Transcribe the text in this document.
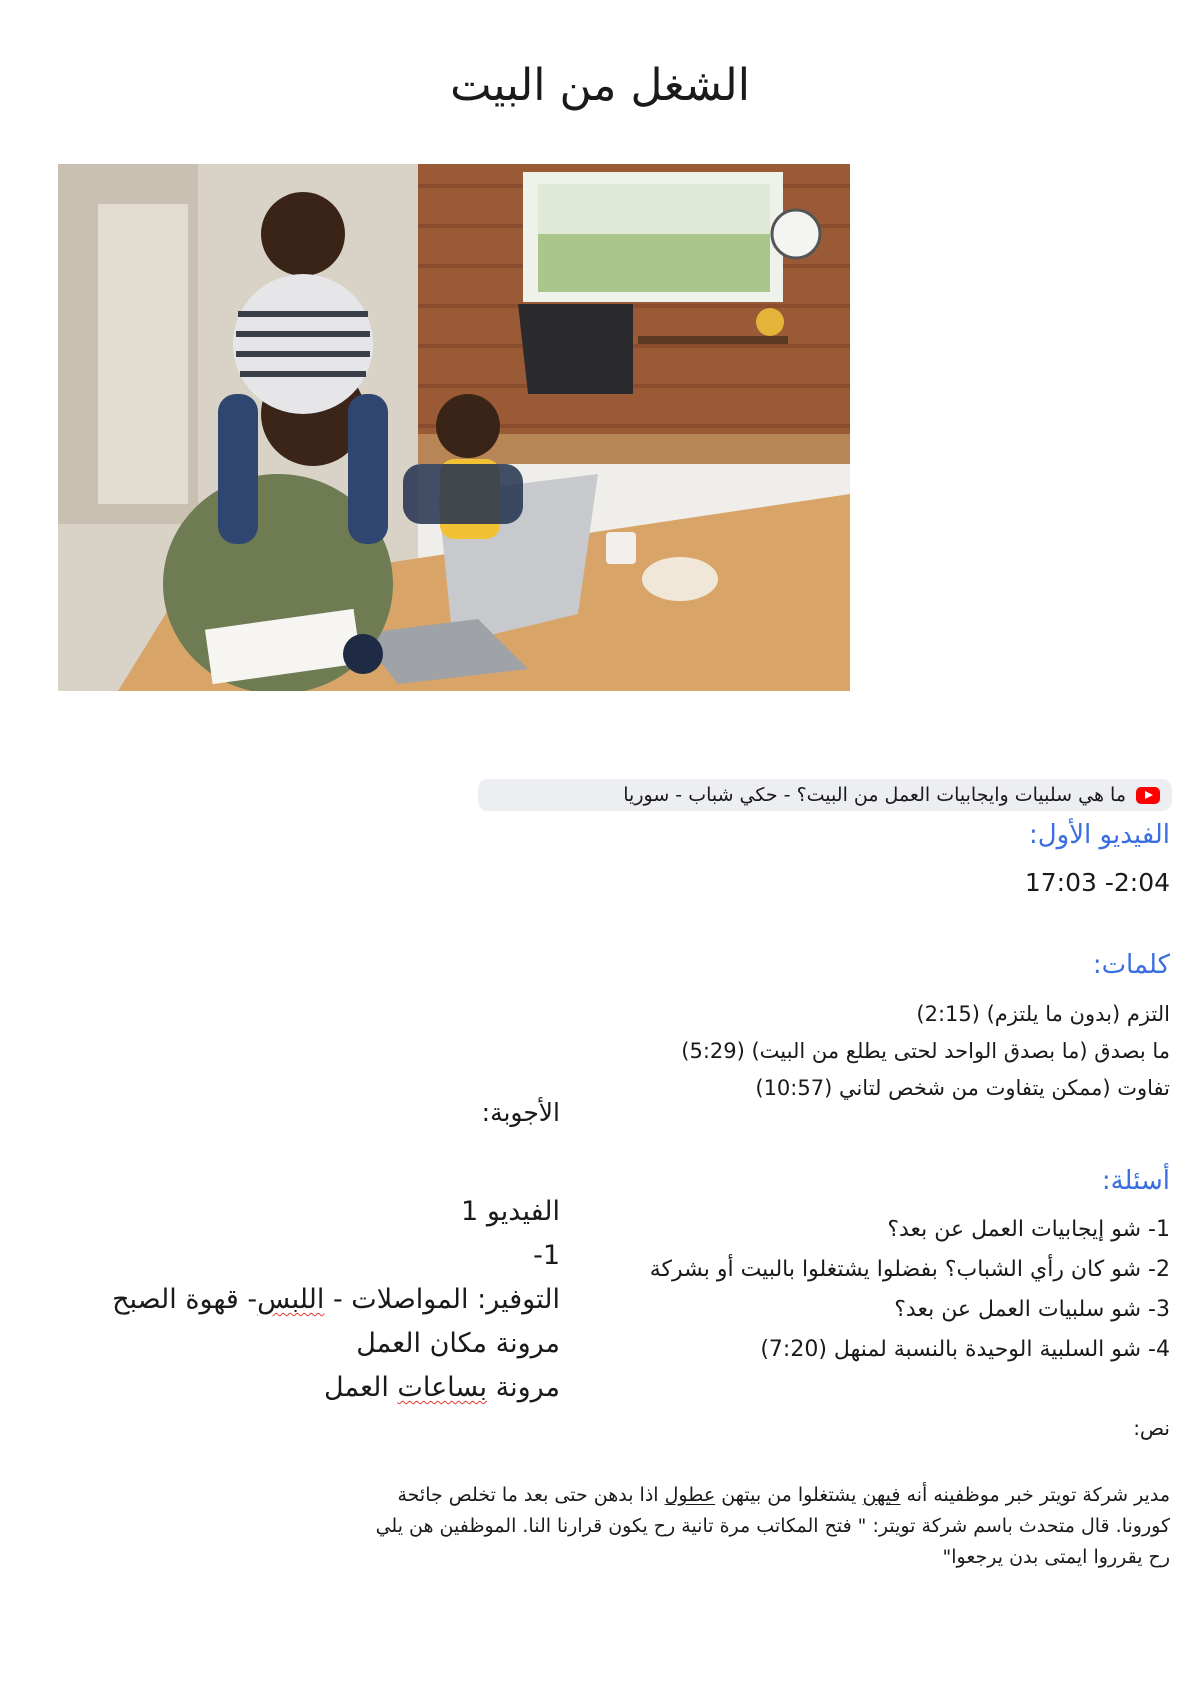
الشغل من البيت
ما هي سلبيات وايجابيات العمل من البيت؟ - حكي شباب - سوريا
الفيديو الأول:
2:04- 17:03
كلمات:
التزم (بدون ما يلتزم) (2:15)
ما بصدق (ما بصدق الواحد لحتى يطلع من البيت) (5:29)
تفاوت (ممكن يتفاوت من شخص لتاني (10:57)
الأجوبة:
الفيديو 1
1-
التوفير: المواصلات - اللبس- قهوة الصبح
مرونة مكان العمل
مرونة بساعات العمل
أسئلة:
1- شو إيجابيات العمل عن بعد؟
2- شو كان رأي الشباب؟ بفضلوا يشتغلوا بالبيت أو بشركة
3- شو سلبيات العمل عن بعد؟
4- شو السلبية الوحيدة بالنسبة لمنهل (7:20)
نص:
مدير شركة تويتر خبر موظفينه أنه فيهن يشتغلوا من بيتهن عطول اذا بدهن حتى بعد ما تخلص جائحة
كورونا. قال متحدث باسم شركة تويتر: " فتح المكاتب مرة تانية رح يكون قرارنا النا. الموظفين هن يلي
رح يقرروا ايمتى بدن يرجعوا"
